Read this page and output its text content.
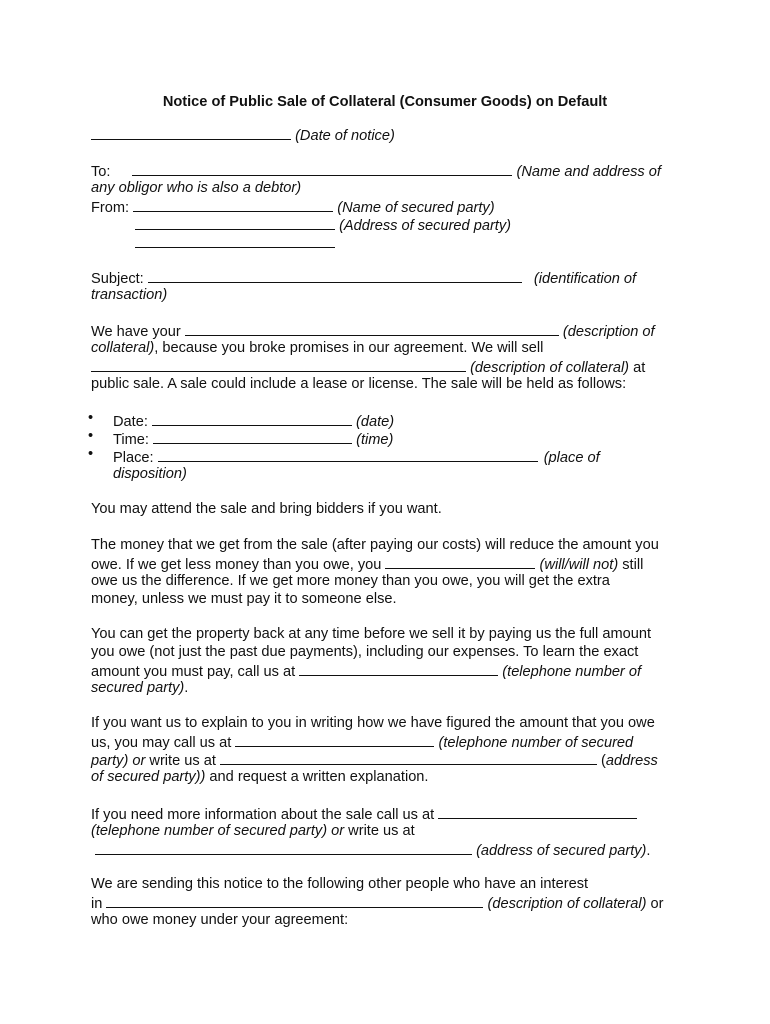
Notice of Public Sale of Collateral (Consumer Goods) on Default
(Date of notice)
To:	(Name and address of
any obligor who is also a debtor)
From:	(Name of secured party)
(Address of secured party)
Subject:	(identification of
transaction)
We have your	(description of
collateral), because you broke promises in our agreement. We will sell
(description of collateral) at
public sale. A sale could include a lease or license. The sale will be held as follows:
• Date:	(date)
• Time:	(time)
• Place:	(place of
disposition)
You may attend the sale and bring bidders if you want.
The money that we get from the sale (after paying our costs) will reduce the amount you
owe. If we get less money than you owe, you	(will/will not) still
owe us the difference. If we get more money than you owe, you will get the extra
money, unless we must pay it to someone else.
You can get the property back at any time before we sell it by paying us the full amount
you owe (not just the past due payments), including our expenses. To learn the exact
amount you must pay, call us at	(telephone number of
secured party).
If you want us to explain to you in writing how we have figured the amount that you owe
us, you may call us at	(telephone number of secured
party) or write us at	(address
of secured party)) and request a written explanation.
If you need more information about the sale call us at
(telephone number of secured party) or write us at
(address of secured party).
We are sending this notice to the following other people who have an interest
in	(description of collateral) or
who owe money under your agreement:
